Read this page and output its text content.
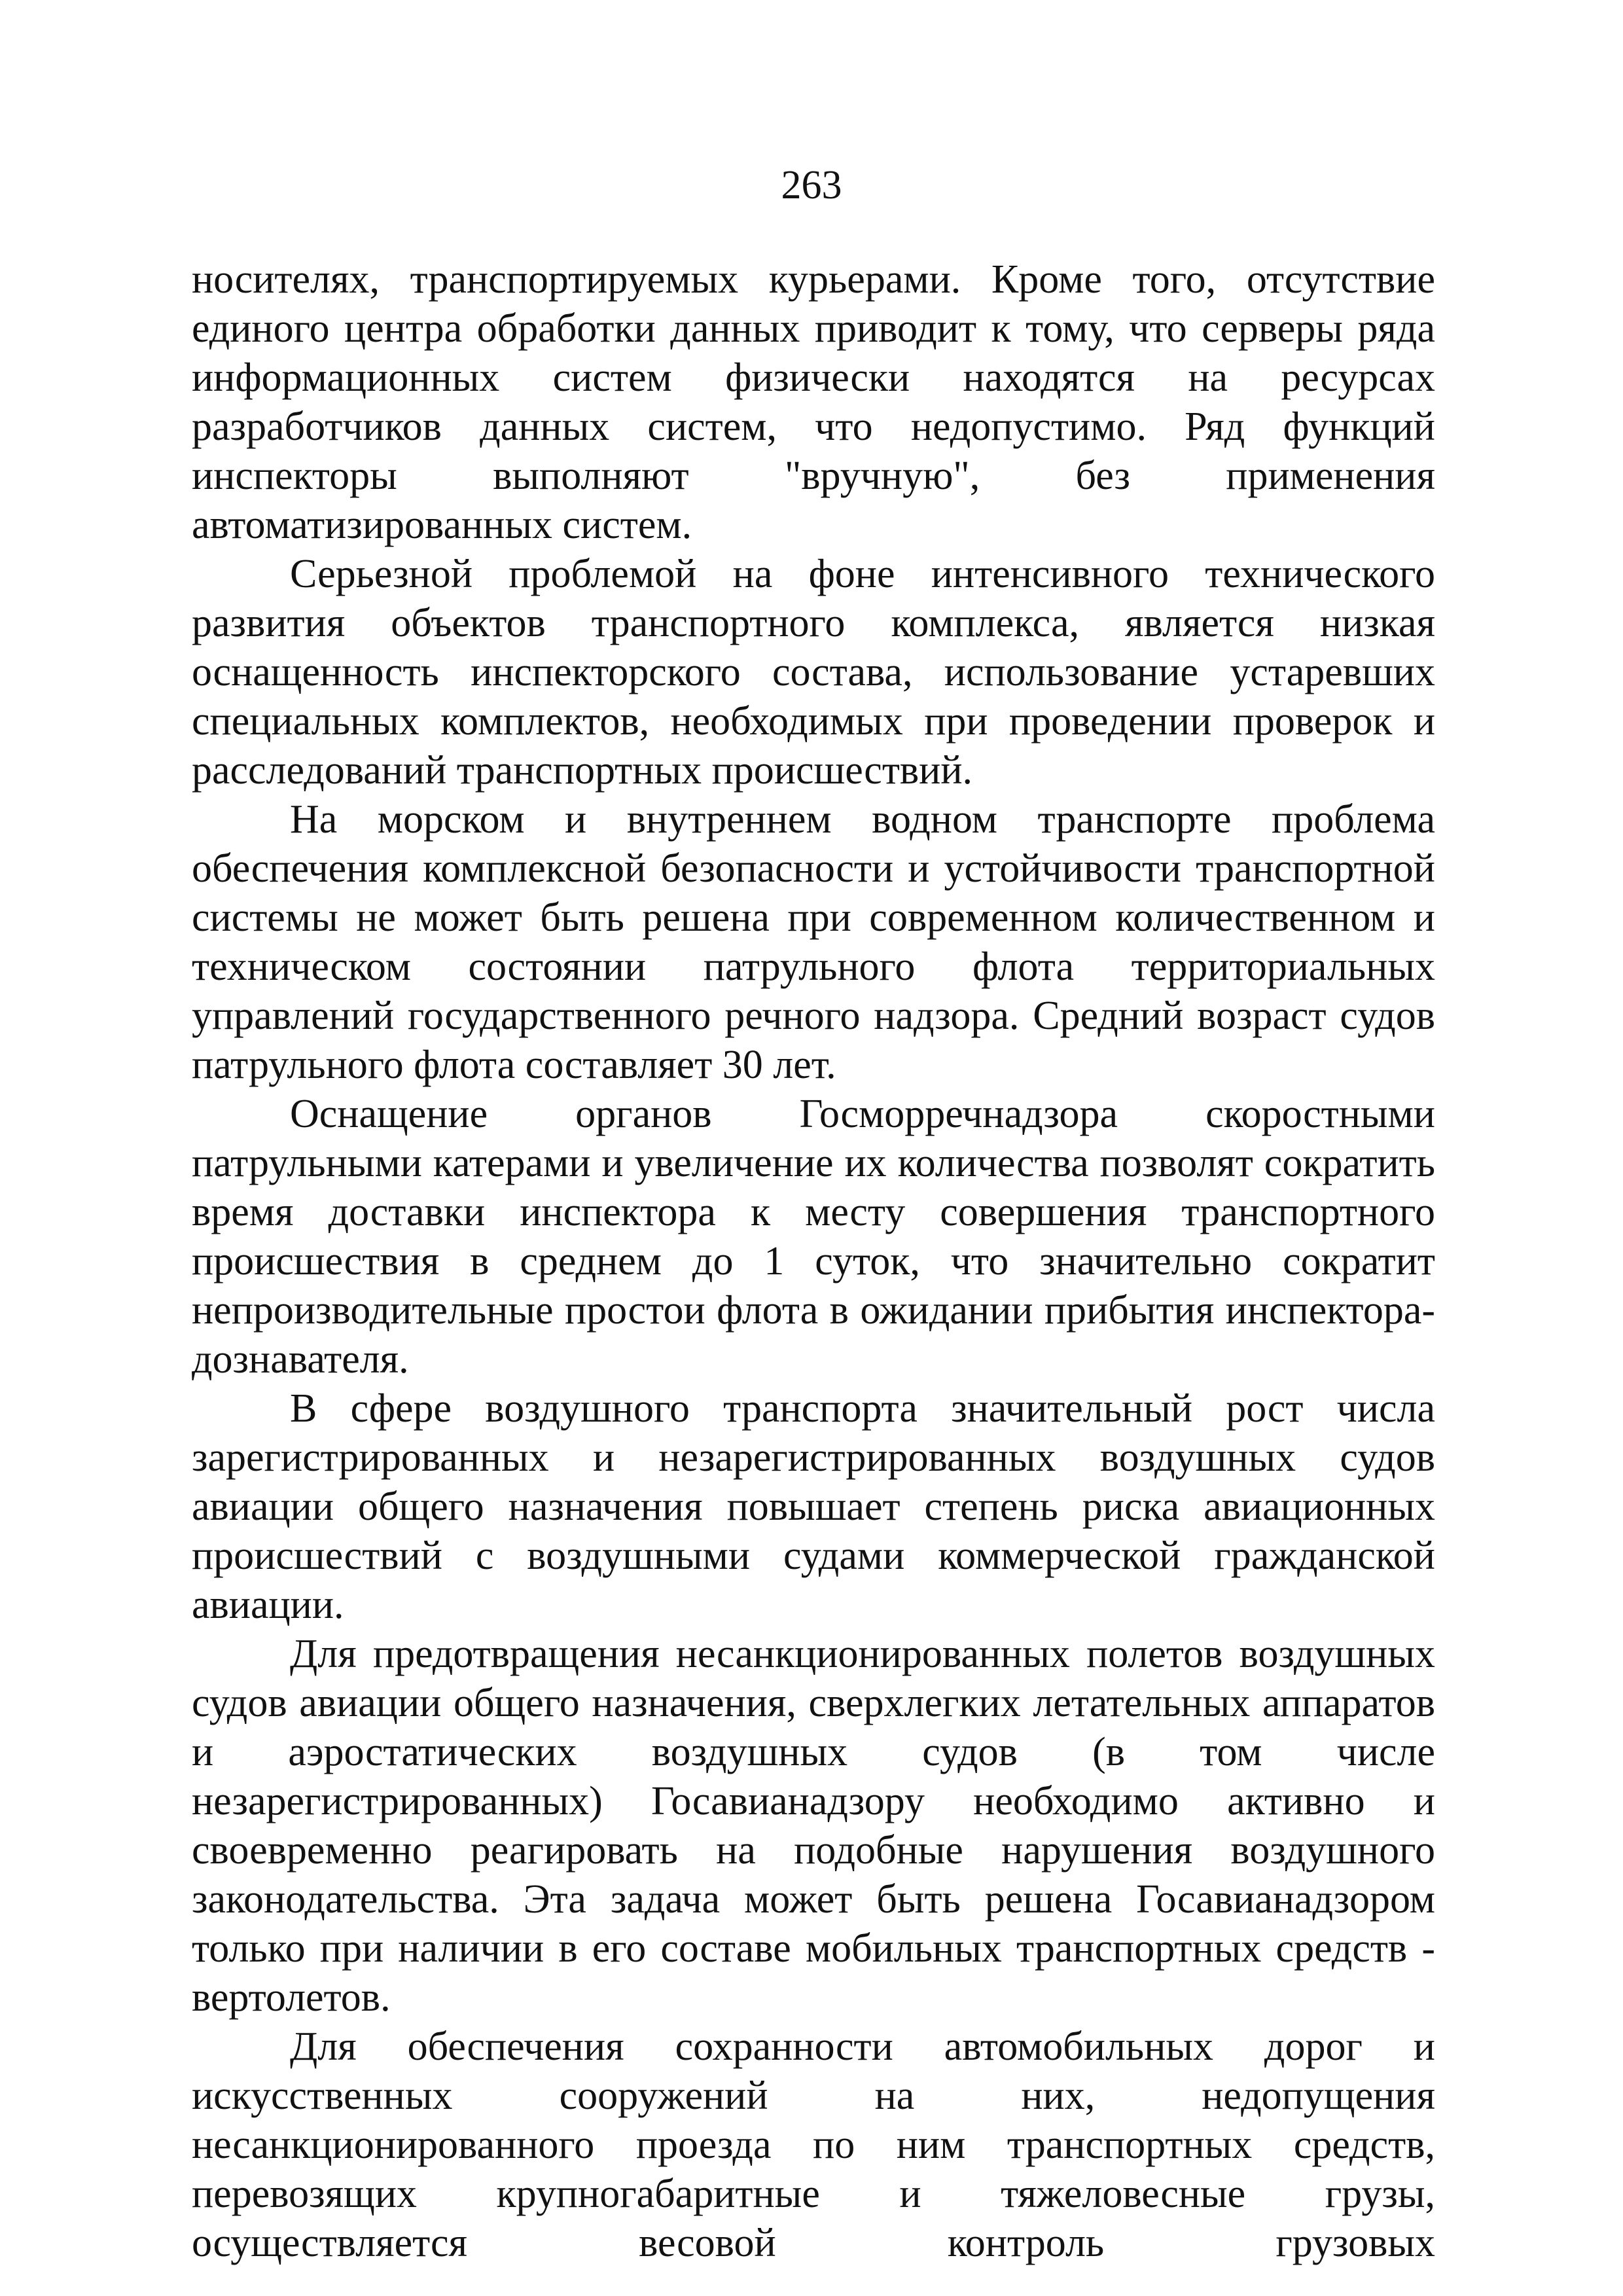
263

носителях, транспортируемых курьерами. Кроме того, отсутствие единого центра обработки данных приводит к тому, что серверы ряда информационных систем физически находятся на ресурсах разработчиков данных систем, что недопустимо. Ряд функций инспекторы выполняют "вручную", без применения автоматизированных систем.

Серьезной проблемой на фоне интенсивного технического развития объектов транспортного комплекса, является низкая оснащенность инспекторского состава, использование устаревших специальных комплектов, необходимых при проведении проверок и расследований транспортных происшествий.

На морском и внутреннем водном транспорте проблема обеспечения комплексной безопасности и устойчивости транспортной системы не может быть решена при современном количественном и техническом состоянии патрульного флота территориальных управлений государственного речного надзора. Средний возраст судов патрульного флота составляет 30 лет.

Оснащение органов Госморречнадзора скоростными патрульными катерами и увеличение их количества позволят сократить время доставки инспектора к месту совершения транспортного происшествия в среднем до 1 суток, что значительно сократит непроизводительные простои флота в ожидании прибытия инспектора-дознавателя.

В сфере воздушного транспорта значительный рост числа зарегистрированных и незарегистрированных воздушных судов авиации общего назначения повышает степень риска авиационных происшествий с воздушными судами коммерческой гражданской авиации.

Для предотвращения несанкционированных полетов воздушных судов авиации общего назначения, сверхлегких летательных аппаратов и аэростатических воздушных судов (в том числе незарегистрированных) Госавианадзору необходимо активно и своевременно реагировать на подобные нарушения воздушного законодательства. Эта задача может быть решена Госавианадзором только при наличии в его составе мобильных транспортных средств - вертолетов.

Для обеспечения сохранности автомобильных дорог и искусственных сооружений на них, недопущения несанкционированного проезда по ним транспортных средств, перевозящих крупногабаритные и тяжеловесные грузы, осуществляется весовой контроль грузовых
